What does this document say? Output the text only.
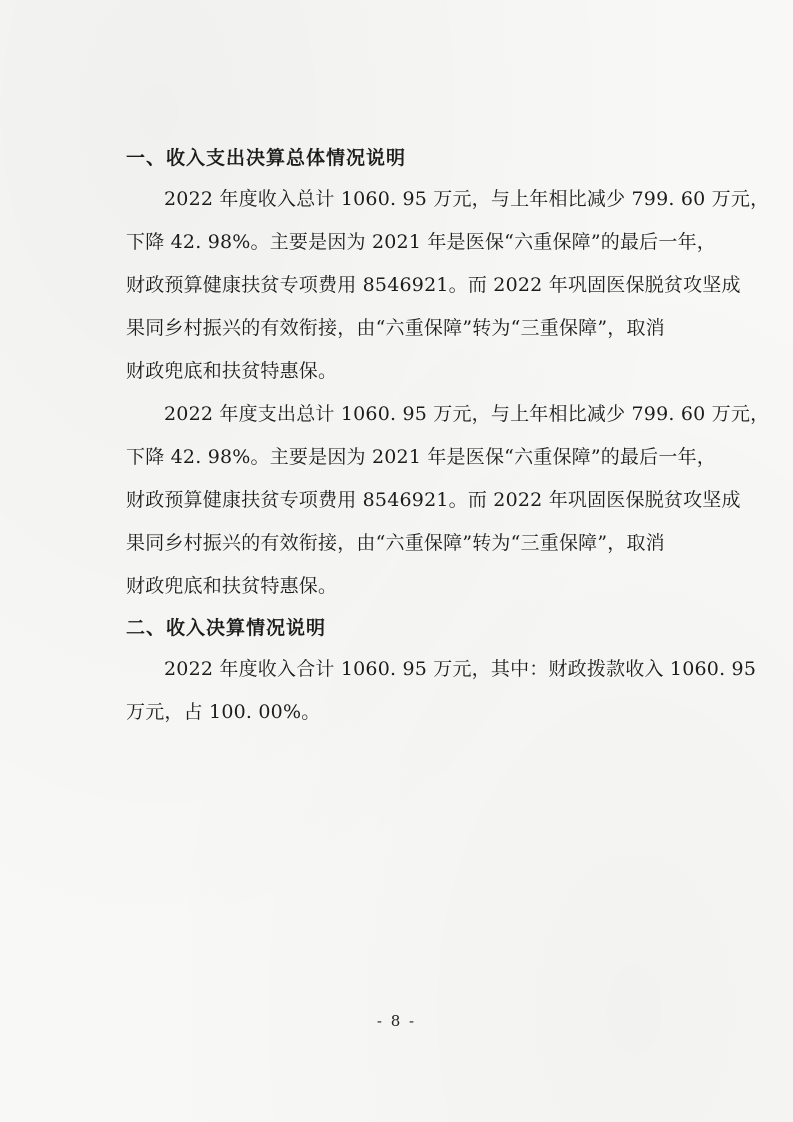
一、收入支出决算总体情况说明
2022 年度收入总计 1060. 95 万元，与上年相比减少 799. 60 万元，
下降 42. 98%。主要是因为 2021 年是医保“六重保障”的最后一年，
财政预算健康扶贫专项费用 8546921。而 2022 年巩固医保脱贫攻坚成
果同乡村振兴的有效衔接，由“六重保障”转为“三重保障”，取消
财政兜底和扶贫特惠保。
2022 年度支出总计 1060. 95 万元，与上年相比减少 799. 60 万元，
下降 42. 98%。主要是因为 2021 年是医保“六重保障”的最后一年，
财政预算健康扶贫专项费用 8546921。而 2022 年巩固医保脱贫攻坚成
果同乡村振兴的有效衔接，由“六重保障”转为“三重保障”，取消
财政兜底和扶贫特惠保。
二、收入决算情况说明
2022 年度收入合计 1060. 95 万元，其中：财政拨款收入 1060. 95
万元，占 100. 00%。
- 8 -
